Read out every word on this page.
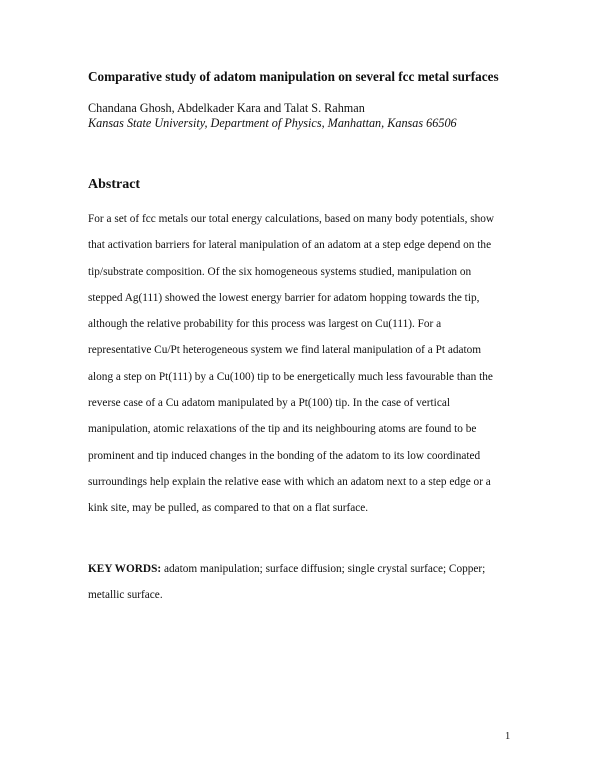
Comparative study of adatom manipulation on several fcc metal surfaces
Chandana Ghosh, Abdelkader Kara and Talat S. Rahman
Kansas State University, Department of Physics, Manhattan, Kansas 66506
Abstract

For a set of fcc metals our total energy calculations, based on many body potentials, show
that activation barriers for lateral manipulation of an adatom at a step edge depend on the
tip/substrate composition. Of the six homogeneous systems studied, manipulation on
stepped Ag(111) showed the lowest energy barrier for adatom hopping towards the tip,
although the relative probability for this process was largest on Cu(111). For a
representative Cu/Pt heterogeneous system we find lateral manipulation of a Pt adatom
along a step on Pt(111) by a Cu(100) tip to be energetically much less favourable than the
reverse case of a Cu adatom manipulated by a Pt(100) tip. In the case of vertical
manipulation, atomic relaxations of the tip and its neighbouring atoms are found to be
prominent and tip induced changes in the bonding of the adatom to its low coordinated
surroundings help explain the relative ease with which an adatom next to a step edge or a
kink site, may be pulled, as compared to that on a flat surface.

KEY WORDS: adatom manipulation; surface diffusion; single crystal surface; Copper;
metallic surface.

1
